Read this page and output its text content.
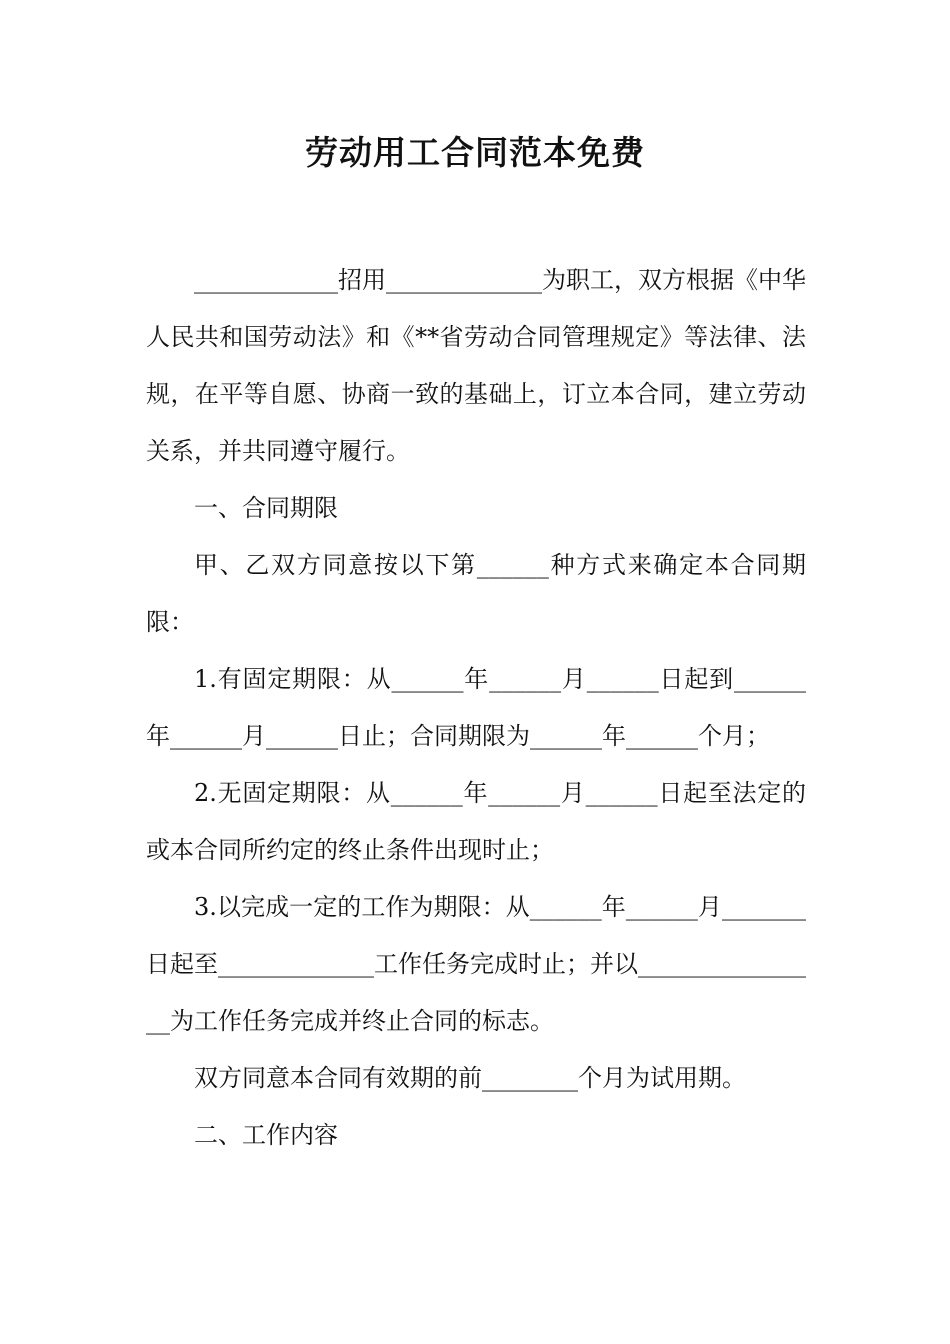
劳动用工合同范本免费

____________招用_____________为职工，双方根据《中华人民共和国劳动法》和《**省劳动合同管理规定》等法律、法规，在平等自愿、协商一致的基础上，订立本合同，建立劳动关系，并共同遵守履行。

一、合同期限

甲、乙双方同意按以下第______种方式来确定本合同期限：

1.有固定期限：从______年______月______日起到______年______月______日止；合同期限为______年______个月；

2.无固定期限：从______年______月______日起至法定的或本合同所约定的终止条件出现时止；

3.以完成一定的工作为期限：从______年______月_______日起至_____________工作任务完成时止；并以________________为工作任务完成并终止合同的标志。

双方同意本合同有效期的前________个月为试用期。

二、工作内容
